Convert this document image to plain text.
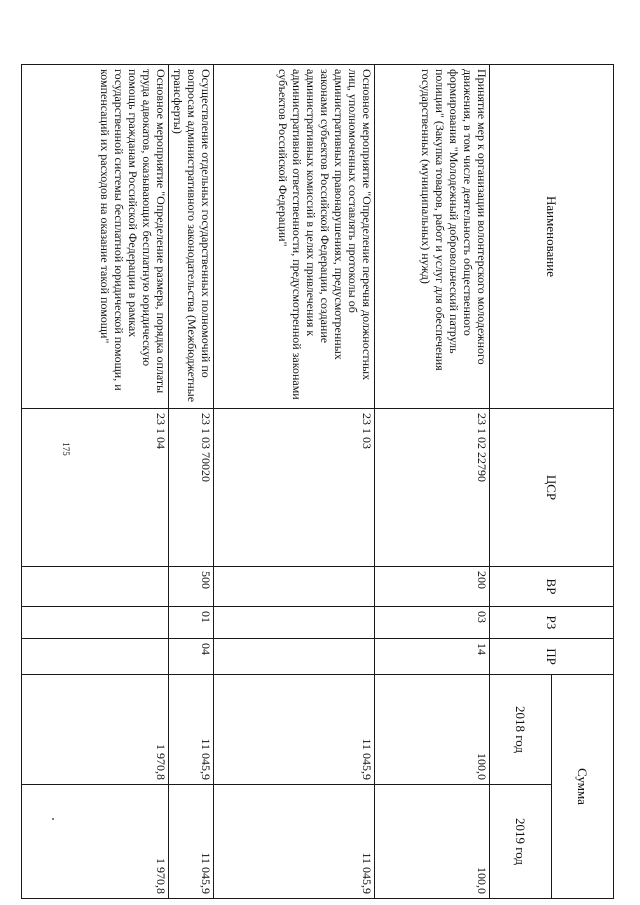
175
Наименование	ЦСР	ВР	РЗ	ПР	Сумма	
					2018 год	2019 год
Принятие мер к организации волонтерского молодежного движения, в том числе деятельность общественного формирования "Молодежный добровольческий патруль полиции" (Закупка товаров, работ и услуг для обеспечения государственных (муниципальных) нужд)	23 1 02 22790	200	03	14	100,0	100,0
Основное мероприятие "Определение перечня должностных лиц, уполномоченных составлять протоколы об административных правонарушениях, предусмотренных законами субъектов Российской Федерации, создание административных комиссий в целях привлечения к административной ответственности, предусмотренной законами субъектов Российской Федерации"	23 1 03				11 045,9	11 045,9
Осуществление отдельных государственных полномочий по вопросам административного законодательства (Межбюджетные трансферты)	23 1 03 70020	500	01	04	11 045,9	11 045,9
Основное мероприятие "Определение размера, порядка оплаты труда адвокатов, оказывающих бесплатную юридическую помощь гражданам Российской Федерации в рамках государственной системы бесплатной юридической помощи, и компенсаций их расходов на оказание такой помощи"	23 1 04				1 970,8	1 970,8
